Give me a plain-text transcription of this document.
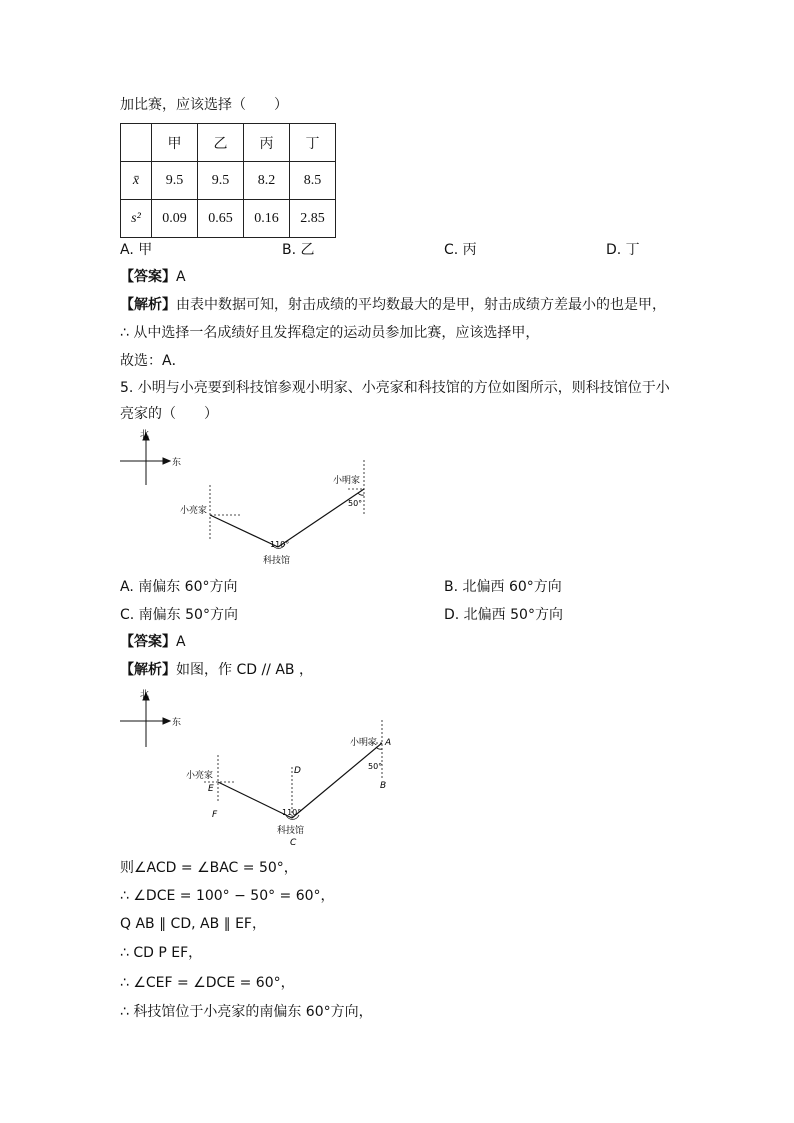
加比赛，应该选择（　　）
	甲	乙	丙	丁
x̄	9.5	9.5	8.2	8.5
s²	0.09	0.65	0.16	2.85
A. 甲	B. 乙	C. 丙	D. 丁
【答案】A
【解析】由表中数据可知，射击成绩的平均数最大的是甲，射击成绩方差最小的也是甲，
∴ 从中选择一名成绩好且发挥稳定的运动员参加比赛，应该选择甲，
故选：A．
5. 小明与小亮要到科技馆参观小明家、小亮家和科技馆的方位如图所示，则科技馆位于小
亮家的（　　）
北
东
小亮家
小明家
50°
110°
科技馆
A. 南偏东 60°方向	B. 北偏西 60°方向
C. 南偏东 50°方向	D. 北偏西 50°方向
【答案】A
【解析】如图，作 CD // AB ，
北
东
小亮家
E
F
D
小明家 A
50°
B
110°
科技馆
C
则∠ACD = ∠BAC = 50°，
∴ ∠DCE = 100° − 50° = 60°，
Q AB ∥ CD, AB ∥ EF，
∴ CD P EF，
∴ ∠CEF = ∠DCE = 60°，
∴ 科技馆位于小亮家的南偏东 60°方向，
